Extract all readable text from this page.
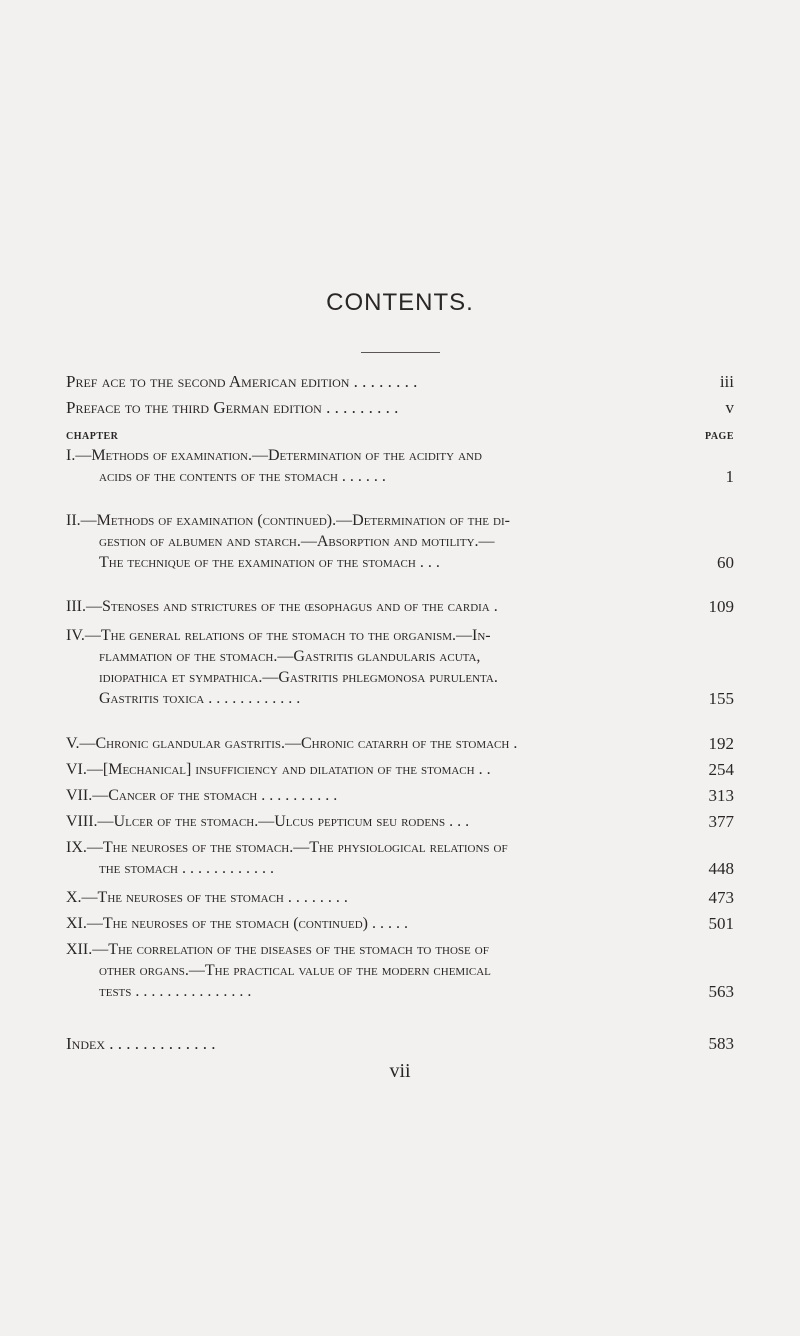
CONTENTS.
Pref ace to the second American edition . . . . . . . .	iii
Preface to the third German edition . . . . . . . . .	v
CHAPTER	PAGE
I.—Methods of examination.—Determination of the acidity and
acids of the contents of the stomach . . . . . .	1
II.—Methods of examination (continued).—Determination of the di-
gestion of albumen and starch.—Absorption and motility.—
The technique of the examination of the stomach . . .	60
III.—Stenoses and strictures of the œsophagus and of the cardia .	109
IV.—The general relations of the stomach to the organism.—In-
flammation of the stomach.—Gastritis glandularis acuta,
idiopathica et sympathica.—Gastritis phlegmonosa purulenta.
Gastritis toxica . . . . . . . . . . . .	155
V.—Chronic glandular gastritis.—Chronic catarrh of the stomach .	192
VI.—[Mechanical] insufficiency and dilatation of the stomach . .	254
VII.—Cancer of the stomach . . . . . . . . . .	313
VIII.—Ulcer of the stomach.—Ulcus pepticum seu rodens . . .	377
IX.—The neuroses of the stomach.—The physiological relations of
the stomach . . . . . . . . . . . .	448
X.—The neuroses of the stomach . . . . . . . .	473
XI.—The neuroses of the stomach (continued) . . . . .	501
XII.—The correlation of the diseases of the stomach to those of
other organs.—The practical value of the modern chemical
tests . . . . . . . . . . . . . . .	563
Index . . . . . . . . . . . . .	583
vii
